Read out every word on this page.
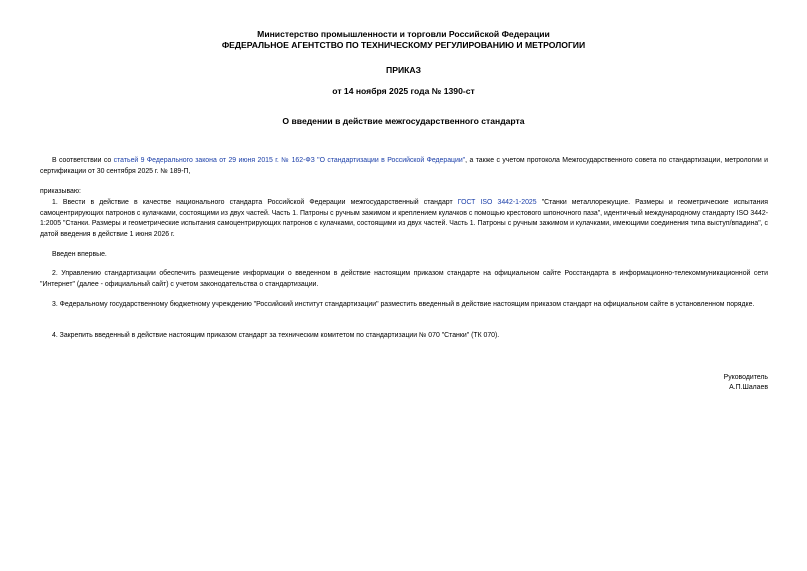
Министерство промышленности и торговли Российской Федерации
ФЕДЕРАЛЬНОЕ АГЕНТСТВО ПО ТЕХНИЧЕСКОМУ РЕГУЛИРОВАНИЮ И МЕТРОЛОГИИ
ПРИКАЗ
от 14 ноября 2025 года № 1390-ст
О введении в действие межгосударственного стандарта
В соответствии со статьей 9 Федерального закона от 29 июня 2015 г. № 162-ФЗ "О стандартизации в Российской Федерации", а также с учетом протокола Межгосударственного совета по стандартизации, метрологии и сертификации от 30 сентября 2025 г. № 189-П,
приказываю:
1. Ввести в действие в качестве национального стандарта Российской Федерации межгосударственный стандарт ГОСТ ISO 3442-1-2025 "Станки металлорежущие. Размеры и геометрические испытания самоцентрирующих патронов с кулачками, состоящими из двух частей. Часть 1. Патроны с ручным зажимом и креплением кулачков с помощью крестового шпоночного паза", идентичный международному стандарту ISO 3442-1:2005 "Станки. Размеры и геометрические испытания самоцентрирующих патронов с кулачками, состоящими из двух частей. Часть 1. Патроны с ручным зажимом и кулачками, имеющими соединения типа выступ/впадина", с датой введения в действие 1 июня 2026 г.
Введен впервые.
2. Управлению стандартизации обеспечить размещение информации о введенном в действие настоящим приказом стандарте на официальном сайте Росстандарта в информационно-телекоммуникационной сети "Интернет" (далее - официальный сайт) с учетом законодательства о стандартизации.
3. Федеральному государственному бюджетному учреждению "Российский институт стандартизации" разместить введенный в действие настоящим приказом стандарт на официальном сайте в установленном порядке.
4. Закрепить введенный в действие настоящим приказом стандарт за техническим комитетом по стандартизации № 070 "Станки" (ТК 070).
Руководитель
А.П.Шалаев
